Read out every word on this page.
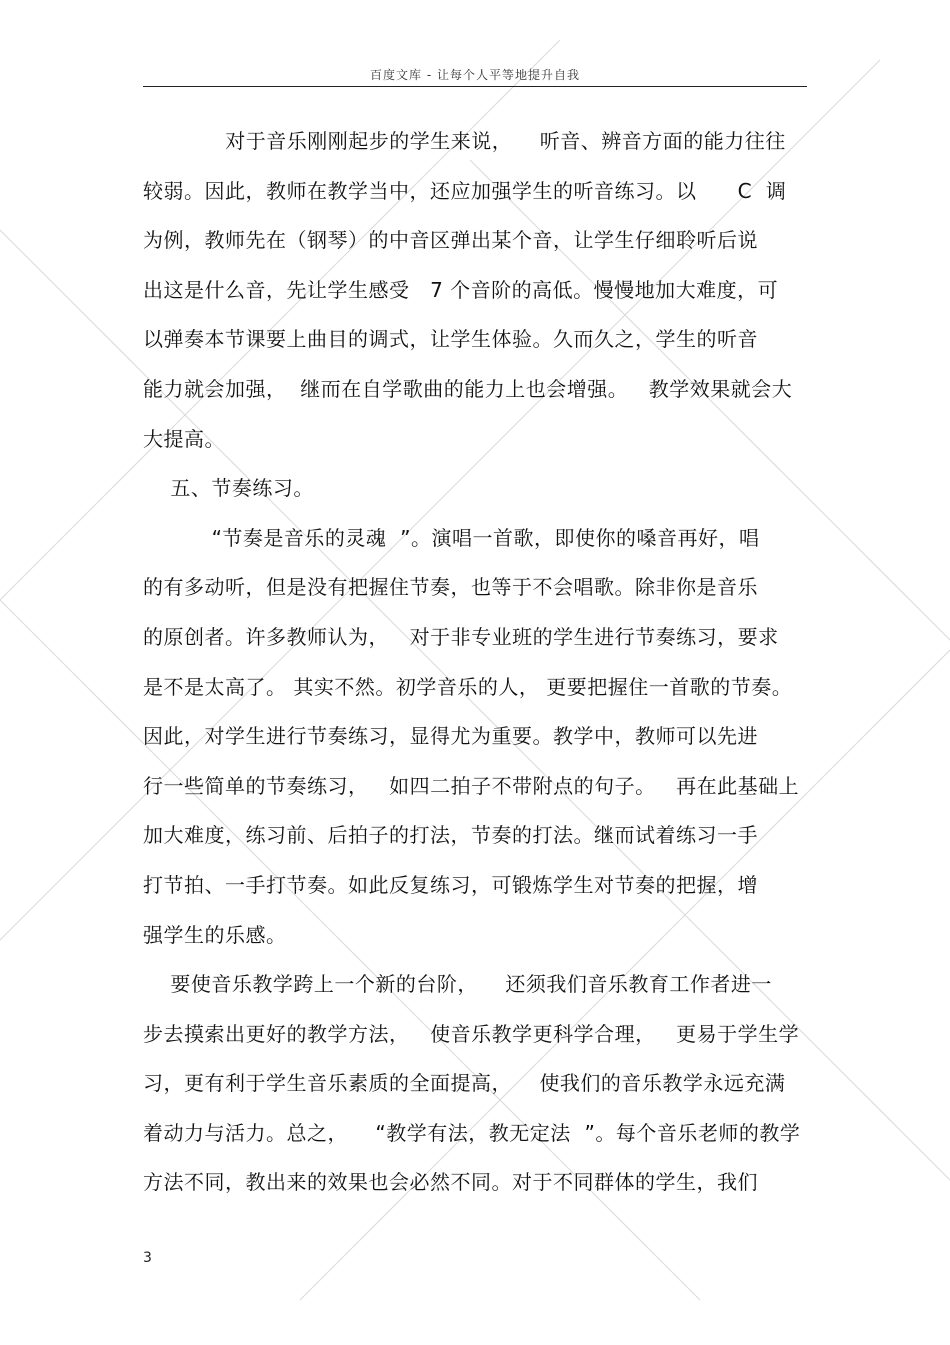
百度文库 - 让每个人平等地提升自我
对于音乐刚刚起步的学生来说，    听音、辨音方面的能力往往
较弱。因此，教师在教学当中，还应加强学生的听音练习。以      C  调
为例，教师先在（钢琴）的中音区弹出某个音，让学生仔细聆听后说
出这是什么音，先让学生感受   7 个音阶的高低。慢慢地加大难度，可
以弹奏本节课要上曲目的调式，让学生体验。久而久之，学生的听音
能力就会加强，  继而在自学歌曲的能力上也会增强。   教学效果就会大
大提高。
五、节奏练习。
“节奏是音乐的灵魂  ”。演唱一首歌，即使你的嗓音再好，唱
的有多动听，但是没有把握住节奏，也等于不会唱歌。除非你是音乐
的原创者。许多教师认为，   对于非专业班的学生进行节奏练习，要求
是不是太高了。 其实不然。初学音乐的人， 更要把握住一首歌的节奏。
因此，对学生进行节奏练习，显得尤为重要。教学中，教师可以先进
行一些简单的节奏练习，   如四二拍子不带附点的句子。   再在此基础上
加大难度，练习前、后拍子的打法，节奏的打法。继而试着练习一手
打节拍、一手打节奏。如此反复练习，可锻炼学生对节奏的把握，增
强学生的乐感。
要使音乐教学跨上一个新的台阶，    还须我们音乐教育工作者进一
步去摸索出更好的教学方法，   使音乐教学更科学合理，   更易于学生学
习，更有利于学生音乐素质的全面提高，    使我们的音乐教学永远充满
着动力与活力。总之，    “教学有法，教无定法  ”。每个音乐老师的教学
方法不同，教出来的效果也会必然不同。对于不同群体的学生，我们
3
